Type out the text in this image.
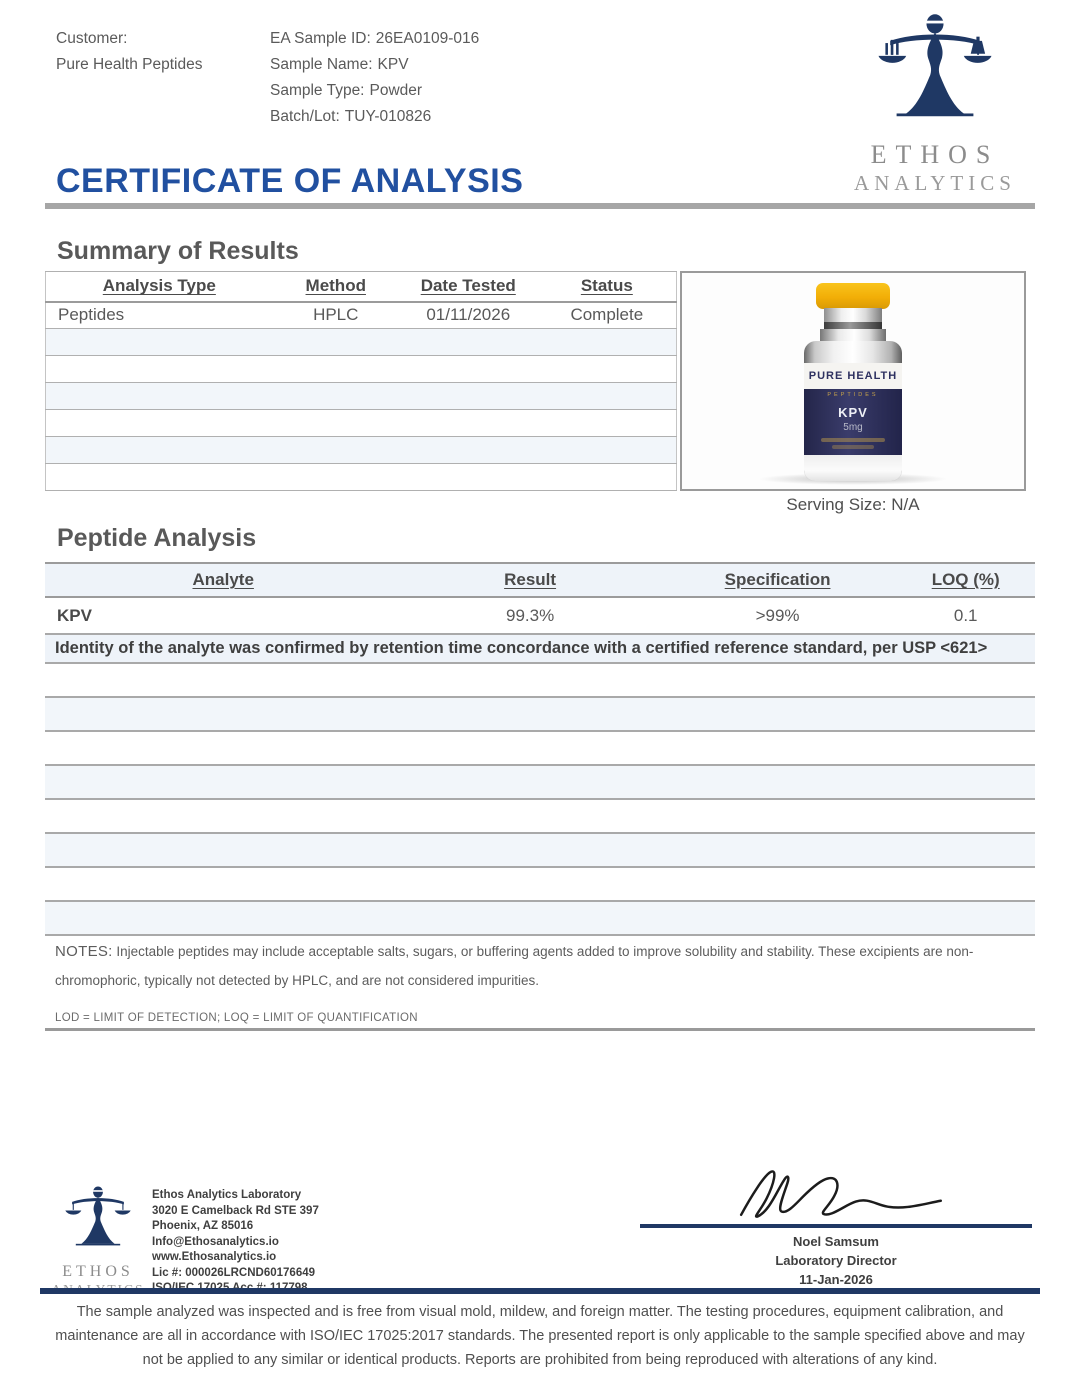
Customer:
Pure Health Peptides
EA Sample ID: 26EA0109-016
Sample Name: KPV
Sample Type: Powder
Batch/Lot: TUY-010826
ETHOS
ANALYTICS
CERTIFICATE OF ANALYSIS
Summary of Results
Analysis Type	Method	Date Tested	Status
Peptides	HPLC	01/11/2026	Complete

PURE HEALTH
PEPTIDES
KPV
5mg
Serving Size: N/A
Peptide Analysis
Analyte	Result	Specification	LOQ (%)
KPV	99.3%	>99%	0.1
Identity of the analyte was confirmed by retention time concordance with a certified reference standard, per USP <621>			

NOTES: Injectable peptides may include acceptable salts, sugars, or buffering agents added to improve solubility and stability. These excipients are non-chromophoric, typically not detected by HPLC, and are not considered impurities.
LOD = LIMIT OF DETECTION; LOQ = LIMIT OF QUANTIFICATION
ETHOS
Ethos Analytics Laboratory
3020 E Camelback Rd STE 397
Phoenix, AZ 85016
Info@Ethosanalytics.io
www.Ethosanalytics.io
Lic #: 000026LRCND60176649
Noel Samsum
Laboratory Director
11-Jan-2026
The sample analyzed was inspected and is free from visual mold, mildew, and foreign matter. The testing procedures, equipment calibration, and maintenance are all in accordance with ISO/IEC 17025:2017 standards. The presented report is only applicable to the sample specified above and may not be applied to any similar or identical products. Reports are prohibited from being reproduced with alterations of any kind.
